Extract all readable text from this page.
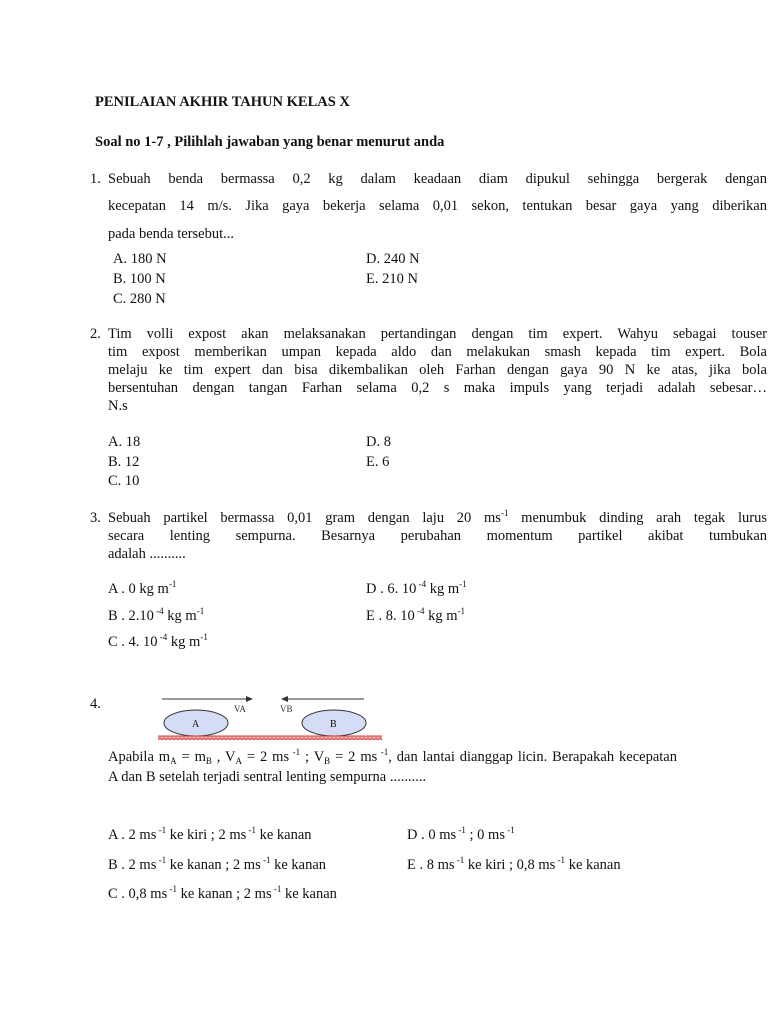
PENILAIAN AKHIR TAHUN KELAS X
Soal no 1-7 , Pilihlah jawaban yang benar menurut anda
1. Sebuah benda bermassa 0,2 kg dalam keadaan diam dipukul sehingga bergerak dengan
kecepatan 14 m/s. Jika gaya bekerja selama 0,01 sekon, tentukan besar gaya yang diberikan
pada benda tersebut...
A. 180 N
B. 100 N
C. 280 N
D. 240 N
E. 210 N
2. Tim volli expost akan melaksanakan pertandingan dengan tim expert. Wahyu sebagai touser
tim expost memberikan umpan kepada aldo dan melakukan smash kepada tim expert. Bola
melaju ke tim expert dan bisa dikembalikan oleh Farhan dengan gaya 90 N ke atas, jika bola
bersentuhan dengan tangan Farhan selama 0,2 s maka impuls yang terjadi adalah sebesar…
N.s
A. 18
B. 12
C. 10
D. 8
E. 6
3. Sebuah partikel bermassa 0,01 gram dengan laju 20 $ms^{-1}$ menumbuk dinding arah tegak lurus
secara lenting sempurna. Besarnya perubahan momentum partikel akibat tumbukan
adalah ..........
A . 0 kg $m^{-1}$
B . 2.10 $^{-4}$ kg $m^{-1}$
C . 4. 10 $^{-4}$ kg $m^{-1}$
D . 6. 10 $^{-4}$ kg $m^{-1}$
E . 8. 10 $^{-4}$ kg $m^{-1}$
4.	VA	VB
A	B
Apabila $m_A = m_B$ , $V_A = 2$ ms $^{-1}$ ; $V_B = 2$ ms $^{-1}$, dan lantai dianggap licin. Berapakah kecepatan
A dan B setelah terjadi sentral lenting sempurna ..........
A . 2 ms $^{-1}$ ke kiri ; 2 ms $^{-1}$ ke kanan
B . 2 ms $^{-1}$ ke kanan ; 2 ms $^{-1}$ ke kanan
C . 0,8 ms $^{-1}$ ke kanan ; 2 ms $^{-1}$ ke kanan
D . 0 ms $^{-1}$ ; 0 ms $^{-1}$
E . 8 ms $^{-1}$ ke kiri ; 0,8 ms $^{-1}$ ke kanan
